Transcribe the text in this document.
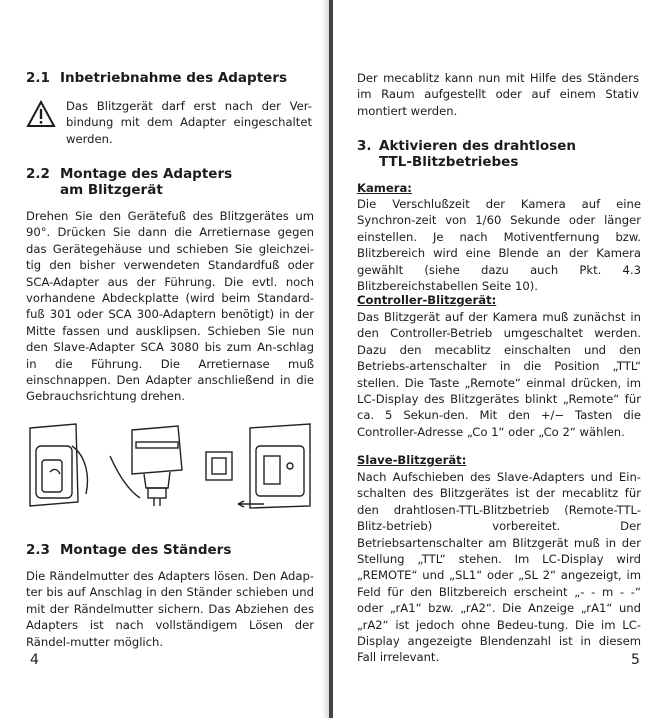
2.1 Inbetriebnahme des Adapters

Das Blitzgerät darf erst nach der Ver-bindung mit dem Adapter eingeschaltet werden.

2.2 Montage des Adapters
am Blitzgerät

Drehen Sie den Gerätefuß des Blitzgerätes um 90°. Drücken Sie dann die Arretiernase gegen das Gerätegehäuse und schieben Sie gleichzei-tig den bisher verwendeten Standardfuß oder SCA-Adapter aus der Führung. Die evtl. noch vorhandene Abdeckplatte (wird beim Standard-fuß 301 oder SCA 300-Adaptern benötigt) in der Mitte fassen und ausklipsen. Schieben Sie nun den Slave-Adapter SCA 3080 bis zum An-schlag in die Führung. Die Arretiernase muß einschnappen. Den Adapter anschließend in die Gebrauchsrichtung drehen.

2.3 Montage des Ständers

Die Rändelmutter des Adapters lösen. Den Adap-ter bis auf Anschlag in den Ständer schieben und mit der Rändelmutter sichern. Das Abziehen des Adapters ist nach vollständigem Lösen der Rändel-mutter möglich.

4

Der mecablitz kann nun mit Hilfe des Ständers im Raum aufgestellt oder auf einem Stativ montiert werden.

3. Aktivieren des drahtlosen
TTL-Blitzbetriebes
Kamera:

Die Verschlußzeit der Kamera auf eine Synchron-zeit von 1/60 Sekunde oder länger einstellen. Je nach Motiventfernung bzw. Blitzbereich wird eine Blende an der Kamera gewählt (siehe dazu auch Pkt. 4.3 Blitzbereichstabellen Seite 10).

Controller-Blitzgerät:

Das Blitzgerät auf der Kamera muß zunächst in den Controller-Betrieb umgeschaltet werden. Dazu den mecablitz einschalten und den Betriebs-artenschalter in die Position „TTL“ stellen. Die Taste „Remote“ einmal drücken, im LC-Display des Blitzgerätes blinkt „Remote“ für ca. 5 Sekun-den. Mit den +/− Tasten die Controller-Adresse „Co 1“ oder „Co 2“ wählen.

Slave-Blitzgerät:

Nach Aufschieben des Slave-Adapters und Ein-schalten des Blitzgerätes ist der mecablitz für den drahtlosen-TTL-Blitzbetrieb (Remote-TTL-Blitz-betrieb) vorbereitet. Der Betriebsartenschalter am Blitzgerät muß in der Stellung „TTL“ stehen. Im LC-Display wird „REMOTE“ und „SL1“ oder „SL 2“ angezeigt, im Feld für den Blitzbereich erscheint „- - m - -“ oder „rA1“ bzw. „rA2“. Die Anzeige „rA1“ und „rA2“ ist jedoch ohne Bedeu-tung. Die im LC-Display angezeigte Blendenzahl ist in diesem Fall irrelevant.	5
